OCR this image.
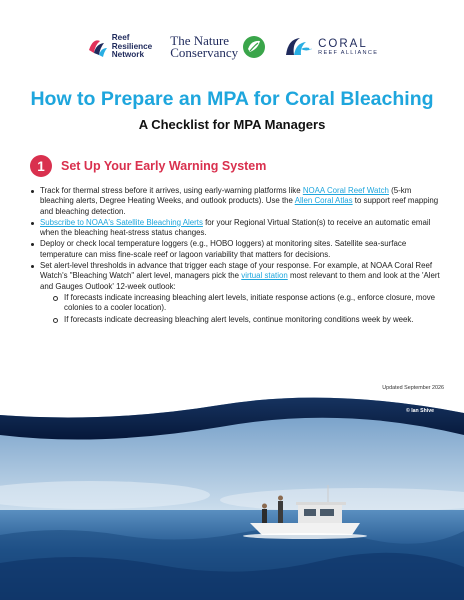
Reef
Resilience
Network
The Nature
Conservancy
CORAL
REEF ALLIANCE
How to Prepare an MPA for Coral Bleaching
A Checklist for MPA Managers
1	Set Up Your Early Warning System
Track for thermal stress before it arrives, using early-warning platforms like NOAA Coral Reef Watch (5-km bleaching alerts, Degree Heating Weeks, and outlook products). Use the Allen Coral Atlas to support reef mapping and bleaching detection.
Subscribe to NOAA's Satellite Bleaching Alerts for your Regional Virtual Station(s) to receive an automatic email when the bleaching heat-stress status changes.
Deploy or check local temperature loggers (e.g., HOBO loggers) at monitoring sites. Satellite sea-surface temperature can miss fine-scale reef or lagoon variability that matters for decisions.
Set alert-level thresholds in advance that trigger each stage of your response. For example, at NOAA Coral Reef Watch's "Bleaching Watch" alert level, managers pick the virtual station most relevant to them and look at the 'Alert and Gauges Outlook' 12-week outlook:
If forecasts indicate increasing bleaching alert levels, initiate response actions (e.g., enforce closure, move colonies to a cooler location).
If forecasts indicate decreasing bleaching alert levels, continue monitoring conditions week by week.
Updated September 2026
© Ian Shive
